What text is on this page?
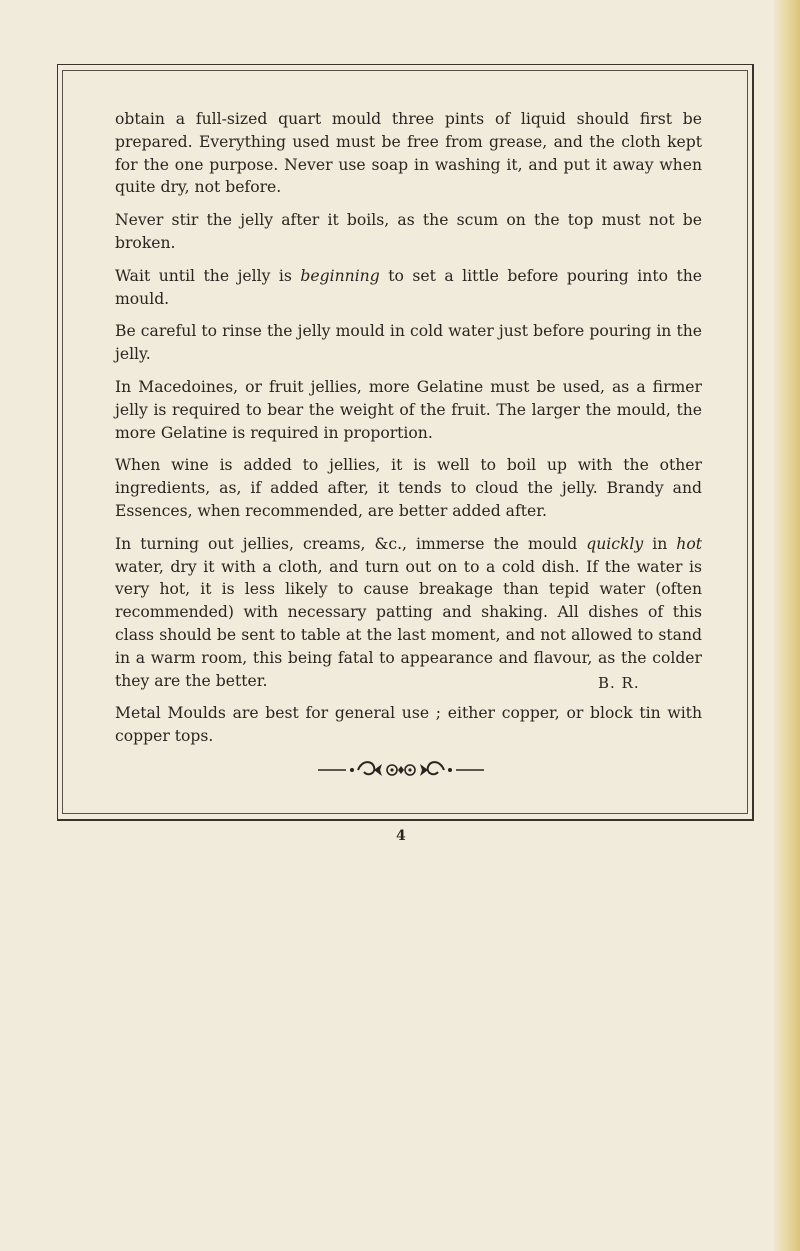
obtain a full-sized quart mould three pints of liquid should first be prepared. Everything used must be free from grease, and the cloth kept for the one purpose. Never use soap in washing it, and put it away when quite dry, not before.

Never stir the jelly after it boils, as the scum on the top must not be broken.

Wait until the jelly is beginning to set a little before pouring into the mould.

Be careful to rinse the jelly mould in cold water just before pouring in the jelly.

In Macedoines, or fruit jellies, more Gelatine must be used, as a firmer jelly is required to bear the weight of the fruit. The larger the mould, the more Gelatine is required in proportion.

When wine is added to jellies, it is well to boil up with the other ingredients, as, if added after, it tends to cloud the jelly. Brandy and Essences, when recommended, are better added after.

In turning out jellies, creams, &c., immerse the mould quickly in hot water, dry it with a cloth, and turn out on to a cold dish. If the water is very hot, it is less likely to cause breakage than tepid water (often recommended) with necessary patting and shaking. All dishes of this class should be sent to table at the last moment, and not allowed to stand in a warm room, this being fatal to appearance and flavour, as the colder they are the better.

Metal Moulds are best for general use ; either copper, or block tin with copper tops.

B. R.
4
